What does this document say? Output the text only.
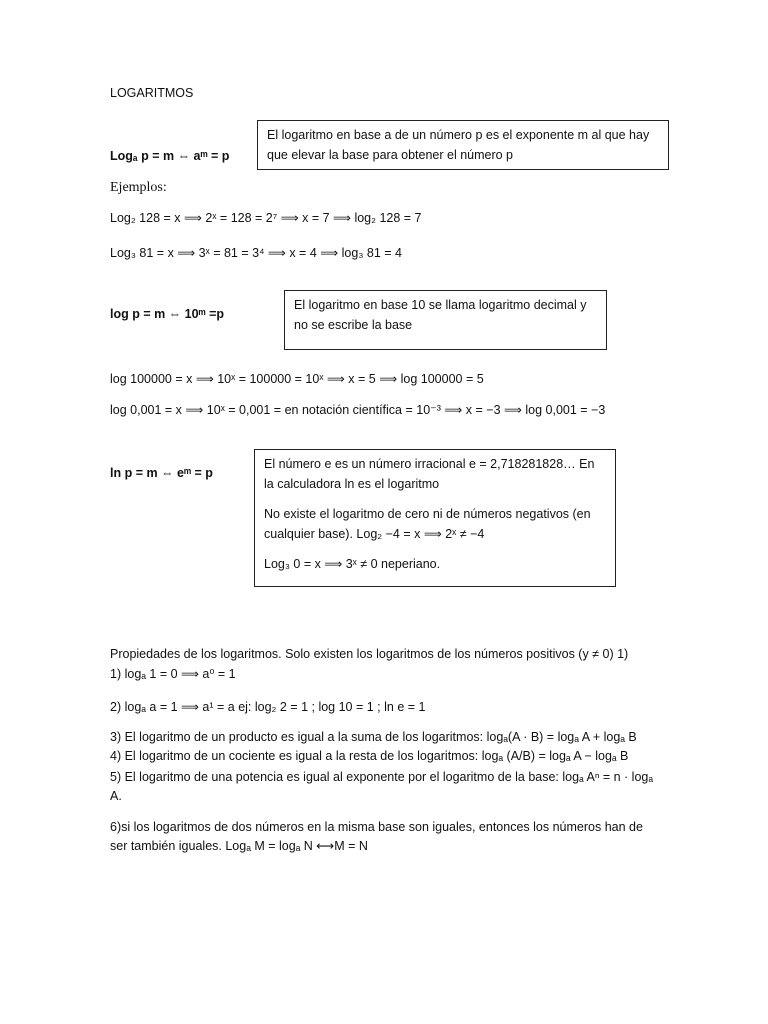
LOGARITMOS
Logₐ p = m ⇔ aᵐ = p

El logaritmo en base a de un número p es el exponente m al que hay que elevar la base para obtener el número p

Ejemplos:
Log₂ 128 = x ⟹ 2ˣ = 128 = 2⁷ ⟹ x = 7 ⟹ log₂ 128 = 7
Log₃ 81 = x ⟹ 3ˣ = 81 = 3⁴ ⟹ x = 4 ⟹ log₃ 81 = 4
log p = m ⇔ 10ᵐ =p

El logaritmo en base 10 se llama logaritmo decimal y no se escribe la base

log 100000 = x ⟹ 10ˣ = 100000 = 10ˣ ⟹ x = 5 ⟹ log 100000 = 5
log 0,001 = x ⟹ 10ˣ = 0,001 = en notación científica = 10⁻³ ⟹ x = −3 ⟹ log 0,001 = −3
ln p = m ⇔ eᵐ = p

El número e es un número irracional e = 2,718281828… En la calculadora ln es el logaritmo

No existe el logaritmo de cero ni de números negativos (en cualquier base). Log₂ −4 = x ⟹ 2ˣ ≠ −4

Log₃ 0 = x ⟹ 3ˣ ≠ 0 neperiano.

Propiedades de los logaritmos. Solo existen los logaritmos de los números positivos (y ≠ 0) 1)
1) logₐ 1 = 0 ⟹ a⁰ = 1
2) logₐ a = 1 ⟹ a¹ = a ej: log₂ 2 = 1 ; log 10 = 1 ; ln e = 1
3) El logaritmo de un producto es igual a la suma de los logaritmos: logₐ(A · B) = logₐ A + logₐ B
4) El logaritmo de un cociente es igual a la resta de los logaritmos: logₐ (A/B) = logₐ A − logₐ B
5) El logaritmo de una potencia es igual al exponente por el logaritmo de la base: logₐ Aⁿ = n · logₐ A.
6)si los logaritmos de dos números en la misma base son iguales, entonces los números han de ser también iguales. Logₐ M = logₐ N ⟷M = N
